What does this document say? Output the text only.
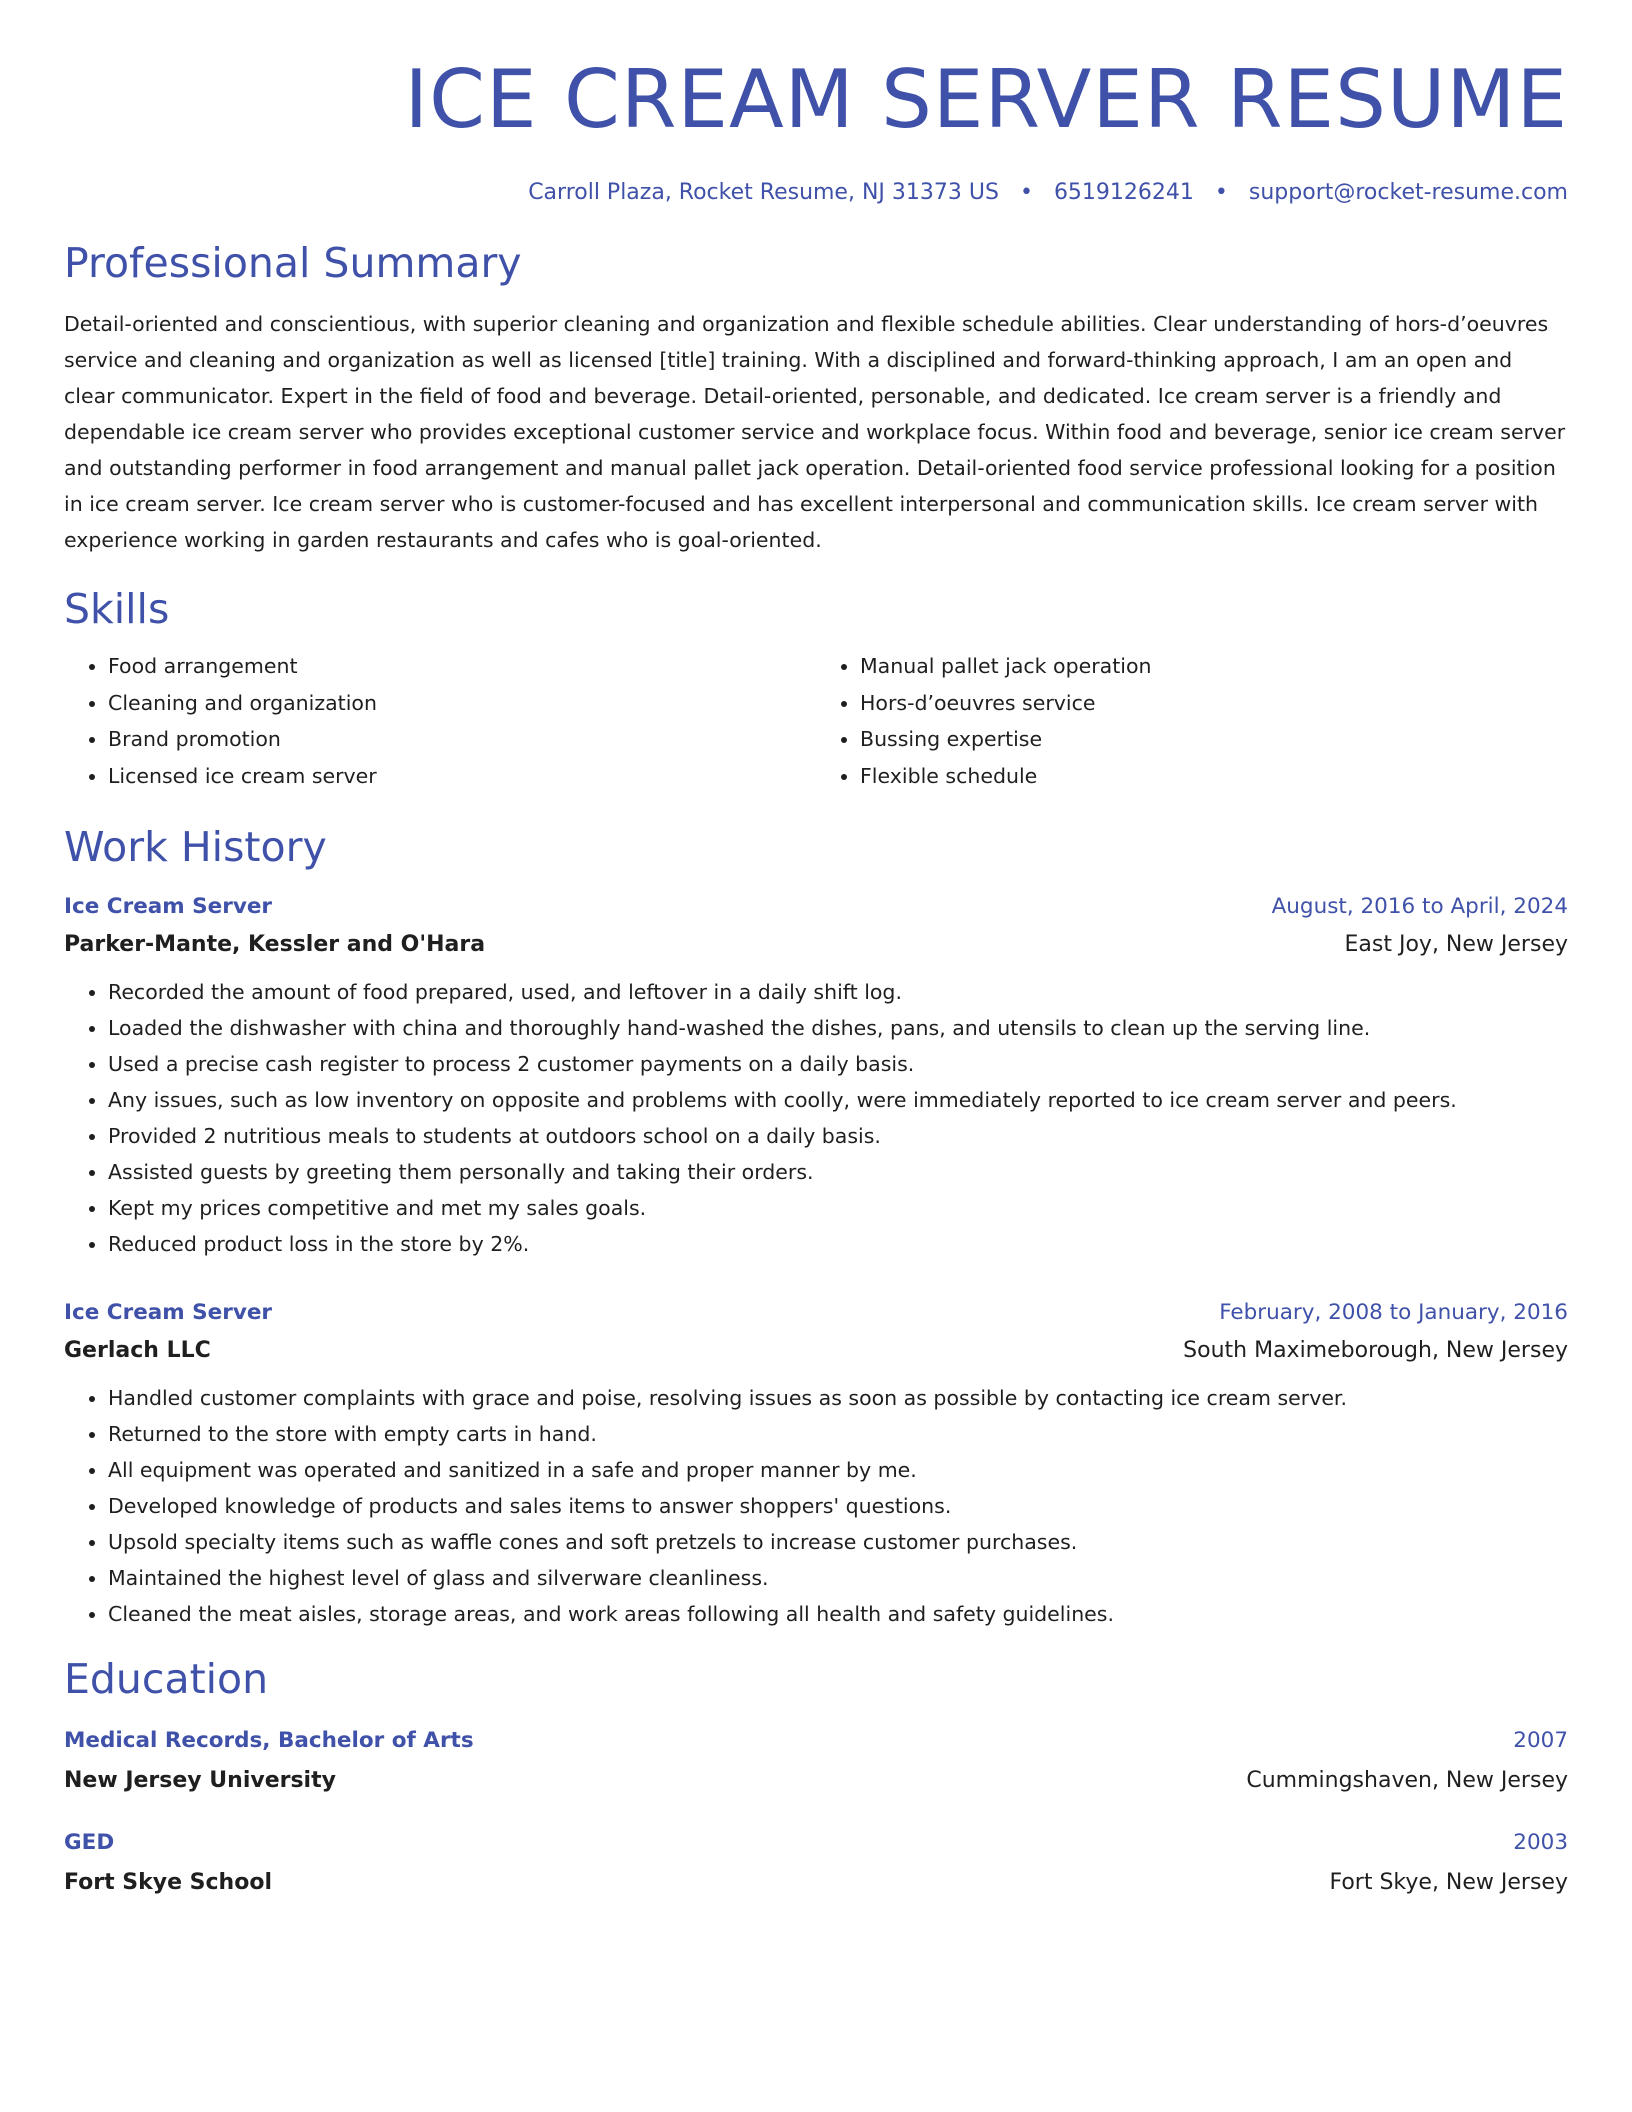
ICE CREAM SERVER RESUME
Carroll Plaza, Rocket Resume, NJ 31373 US • 6519126241 • support@rocket-resume.com
Professional Summary
Detail-oriented and conscientious, with superior cleaning and organization and flexible schedule abilities. Clear understanding of hors-d’oeuvres service and cleaning and organization as well as licensed [title] training. With a disciplined and forward-thinking approach, I am an open and clear communicator. Expert in the field of food and beverage. Detail-oriented, personable, and dedicated. Ice cream server is a friendly and dependable ice cream server who provides exceptional customer service and workplace focus. Within food and beverage, senior ice cream server and outstanding performer in food arrangement and manual pallet jack operation. Detail-oriented food service professional looking for a position in ice cream server. Ice cream server who is customer-focused and has excellent interpersonal and communication skills. Ice cream server with experience working in garden restaurants and cafes who is goal-oriented.
Skills
• Food arrangement
• Cleaning and organization
• Brand promotion
• Licensed ice cream server
• Manual pallet jack operation
• Hors-d’oeuvres service
• Bussing expertise
• Flexible schedule
Work History
Ice Cream Server	August, 2016 to April, 2024
Parker-Mante, Kessler and O'Hara	East Joy, New Jersey
• Recorded the amount of food prepared, used, and leftover in a daily shift log.
• Loaded the dishwasher with china and thoroughly hand-washed the dishes, pans, and utensils to clean up the serving line.
• Used a precise cash register to process 2 customer payments on a daily basis.
• Any issues, such as low inventory on opposite and problems with coolly, were immediately reported to ice cream server and peers.
• Provided 2 nutritious meals to students at outdoors school on a daily basis.
• Assisted guests by greeting them personally and taking their orders.
• Kept my prices competitive and met my sales goals.
• Reduced product loss in the store by 2%.
Ice Cream Server	February, 2008 to January, 2016
Gerlach LLC	South Maximeborough, New Jersey
• Handled customer complaints with grace and poise, resolving issues as soon as possible by contacting ice cream server.
• Returned to the store with empty carts in hand.
• All equipment was operated and sanitized in a safe and proper manner by me.
• Developed knowledge of products and sales items to answer shoppers' questions.
• Upsold specialty items such as waffle cones and soft pretzels to increase customer purchases.
• Maintained the highest level of glass and silverware cleanliness.
• Cleaned the meat aisles, storage areas, and work areas following all health and safety guidelines.
Education
Medical Records, Bachelor of Arts	2007
New Jersey University	Cummingshaven, New Jersey
GED	2003
Fort Skye School	Fort Skye, New Jersey
